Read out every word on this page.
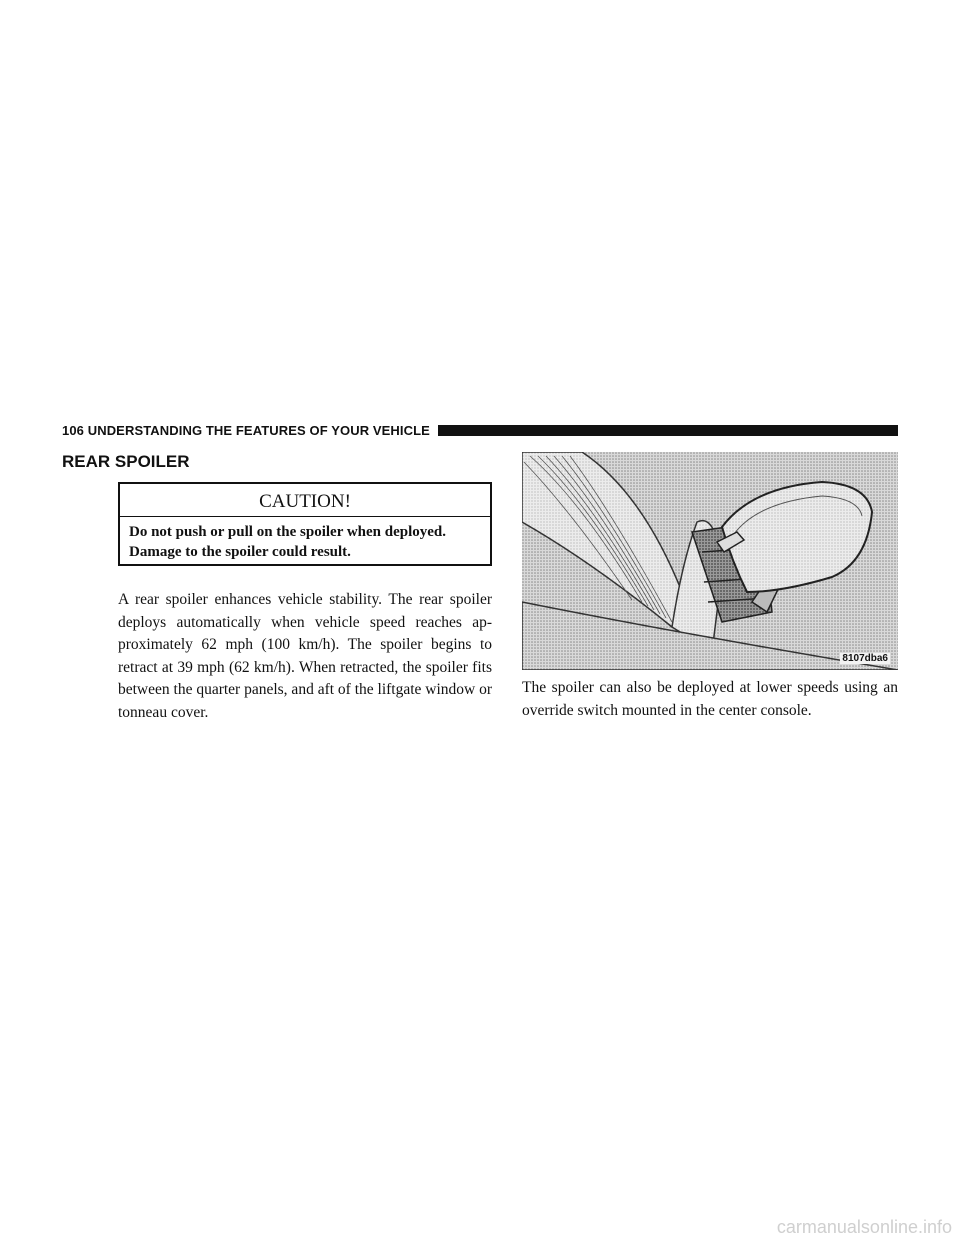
106 UNDERSTANDING THE FEATURES OF YOUR VEHICLE
REAR SPOILER
CAUTION!
Do not push or pull on the spoiler when deployed. Damage to the spoiler could result.
A rear spoiler enhances vehicle stability. The rear spoiler deploys automatically when vehicle speed reaches ap-proximately 62 mph (100 km/h). The spoiler begins to retract at 39 mph (62 km/h). When retracted, the spoiler fits between the quarter panels, and aft of the liftgate window or tonneau cover.
8107dba6
The spoiler can also be deployed at lower speeds using an override switch mounted in the center console.
carmanualsonline.info
